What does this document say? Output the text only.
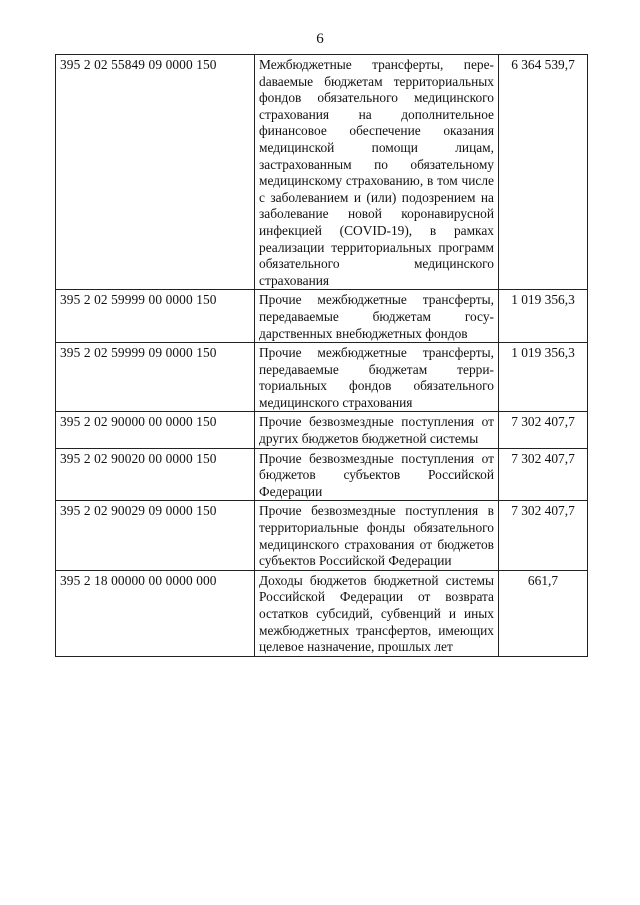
6
395 2 02 55849 09 0000 150	Межбюджетные трансферты, переdаваемые бюджетам территориальных фондов обязательного медицинского страхования на дополнительное финансовое обеспечение оказания медицинской помощи лицам, застрахованным по обязательному медицинскому страхованию, в том числе с заболеванием и (или) подозрением на заболевание новой коронавирусной инфекцией (COVID-19), в рамках реализации территориальных программ обязательного медицинского страхования	6 364 539,7
395 2 02 59999 00 0000 150	Прочие межбюджетные трансферты, передаваемые бюджетам государственных внебюджетных фондов	1 019 356,3
395 2 02 59999 09 0000 150	Прочие межбюджетные трансферты, передаваемые бюджетам территориальных фондов обязательного медицинского страхования	1 019 356,3
395 2 02 90000 00 0000 150	Прочие безвозмездные поступления от других бюджетов бюджетной системы	7 302 407,7
395 2 02 90020 00 0000 150	Прочие безвозмездные поступления от бюджетов субъектов Российской Федерации	7 302 407,7
395 2 02 90029 09 0000 150	Прочие безвозмездные поступления в территориальные фонды обязательного медицинского страхования от бюджетов субъектов Российской Федерации	7 302 407,7
395 2 18 00000 00 0000 000	Доходы бюджетов бюджетной системы Российской Федерации от возврата остатков субсидий, субвенций и иных межбюджетных трансфертов, имеющих целевое назначение, прошлых лет	661,7
